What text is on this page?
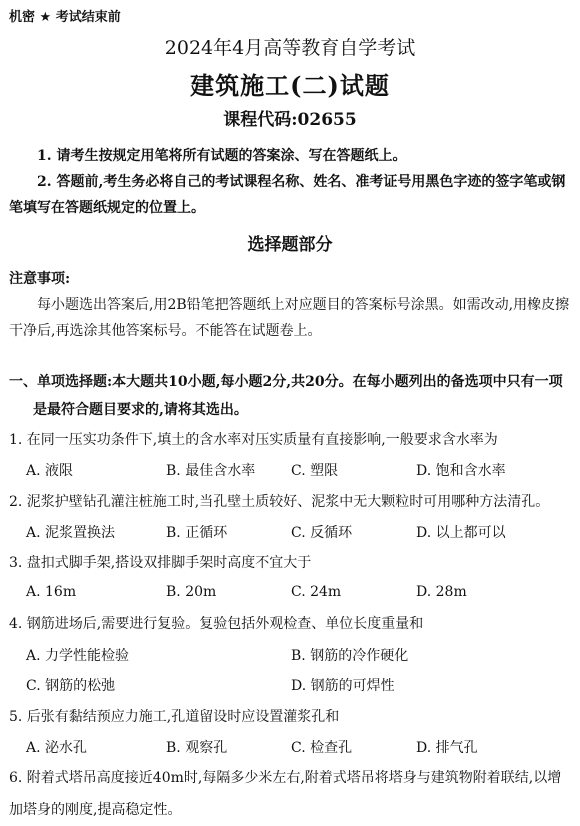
机密 ★ 考试结束前
2024年4月高等教育自学考试
建筑施工(二)试题
课程代码:02655
1. 请考生按规定用笔将所有试题的答案涂、写在答题纸上。
2. 答题前,考生务必将自己的考试课程名称、姓名、准考证号用黑色字迹的签字笔或钢笔填写在答题纸规定的位置上。
选择题部分
注意事项:
每小题选出答案后,用2B铅笔把答题纸上对应题目的答案标号涂黑。如需改动,用橡皮擦干净后,再选涂其他答案标号。不能答在试题卷上。
一、单项选择题:本大题共10小题,每小题2分,共20分。在每小题列出的备选项中只有一项
是最符合题目要求的,请将其选出。
1. 在同一压实功条件下,填土的含水率对压实质量有直接影响,一般要求含水率为
A. 液限	B. 最佳含水率	C. 塑限	D. 饱和含水率
2. 泥浆护壁钻孔灌注桩施工时,当孔壁土质较好、泥浆中无大颗粒时可用哪种方法清孔。
A. 泥浆置换法	B. 正循环	C. 反循环	D. 以上都可以
3. 盘扣式脚手架,搭设双排脚手架时高度不宜大于
A. 16m	B. 20m	C. 24m	D. 28m
4. 钢筋进场后,需要进行复验。复验包括外观检查、单位长度重量和
A. 力学性能检验	B. 钢筋的冷作硬化
C. 钢筋的松弛	D. 钢筋的可焊性
5. 后张有黏结预应力施工,孔道留设时应设置灌浆孔和
A. 泌水孔	B. 观察孔	C. 检查孔	D. 排气孔
6. 附着式塔吊高度接近40m时,每隔多少米左右,附着式塔吊将塔身与建筑物附着联结,以增加塔身的刚度,提高稳定性。
